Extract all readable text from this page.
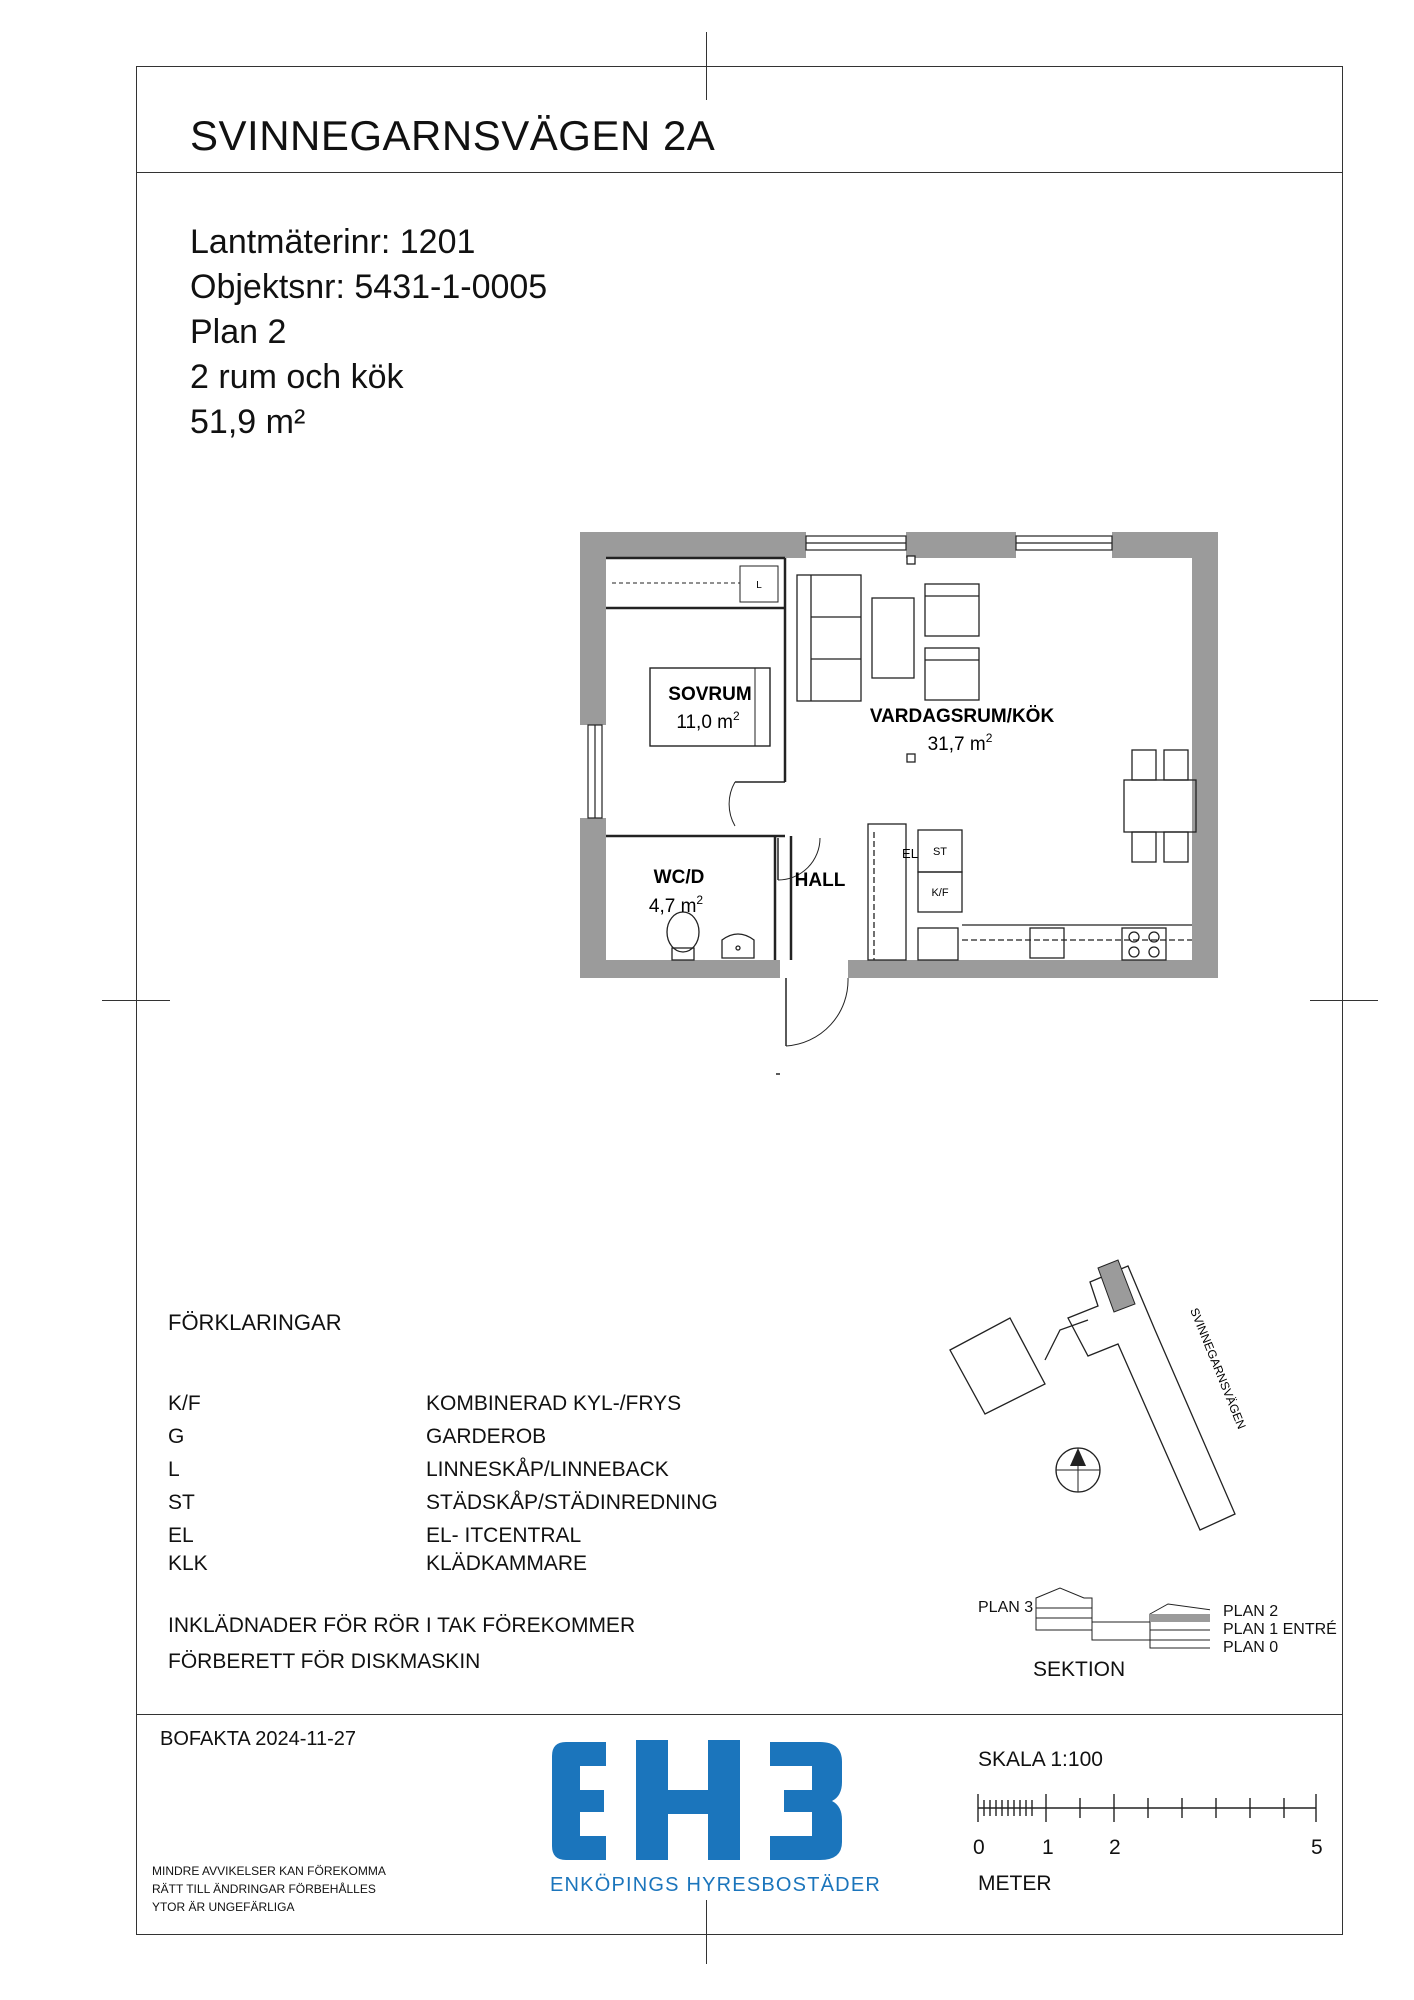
SVINNEGARNSVÄGEN 2A
Lantmäterinr: 1201
Objektsnr: 5431-1-0005
Plan 2
2 rum och kök
51,9 m²
L
ST
K/F
EL
SOVRUM
11,0 $m^2$	VARDAGSRUM/KÖK
31,7 $m^2$
WC/D
4,7 $m^2$
HALL
FÖRKLARINGAR
K/F	KOMBINERAD KYL-/FRYS
G	GARDEROB
L	LINNESKÅP/LINNEBACK
ST	STÄDSKÅP/STÄDINREDNING
EL	EL- ITCENTRAL
KLK	KLÄDKAMMARE
INKLÄDNADER FÖR RÖR I TAK FÖREKOMMER
FÖRBERETT FÖR DISKMASKIN
SVINNEGARNSVÄGEN
PLAN 3	PLAN 2
PLAN 1 ENTRÉ
PLAN 0
SEKTION
BOFAKTA 2024-11-27
MINDRE AVVIKELSER KAN FÖREKOMMA
RÄTT TILL ÄNDRINGAR FÖRBEHÅLLES
YTOR ÄR UNGEFÄRLIGA
ENKÖPINGS HYRESBOSTÄDER
SKALA 1:100
0	1	2	5
METER
